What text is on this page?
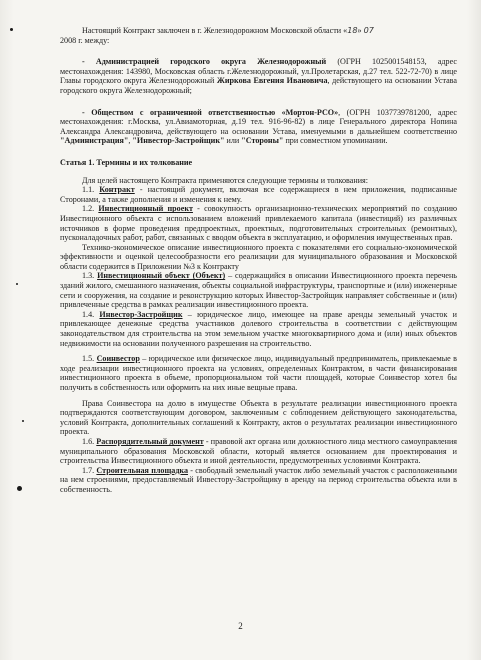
Настоящий Контракт заключен в г. Железнодорожном Московской области «18» 07
2008 г. между:

- Администрацией городского округа Железнодорожный (ОГРН 1025001548153, адрес местонахождения: 143980, Московская область г.Железнодорожный, ул.Пролетарская, д.27 тел. 522-72-70) в лице Главы городского округа Железнодорожный Жиркова Евгения Ивановича, действующего на основании Устава городского округа Железнодорожный;

- Обществом с ограниченной ответственностью «Мортон-РСО», (ОГРН 1037739781200, адрес местонахождения: г.Москва, ул.Авиамоторная, д.19 тел. 916-96-82) в лице Генерального директора Нопина Александра Александровича, действующего на основании Устава, именуемыми в дальнейшем соответственно "Администрация", "Инвестор-Застройщик" или "Стороны" при совместном упоминании.

Статья 1. Термины и их толкование

Для целей настоящего Контракта применяются следующие термины и толкования:

1.1. Контракт - настоящий документ, включая все содержащиеся в нем приложения, подписанные Сторонами, а также дополнения и изменения к нему.

1.2. Инвестиционный проект - совокупность организационно-технических мероприятий по созданию Инвестиционного объекта с использованием вложений привлекаемого капитала (инвестиций) из различных источников в форме проведения предпроектных, проектных, подготовительных строительных (ремонтных), пусконаладочных работ, работ, связанных с вводом объекта в эксплуатацию, и оформления имущественных прав.

Технико-экономическое описание инвестиционного проекта с показателями его социально-экономической эффективности и оценкой целесообразности его реализации для муниципального образования и Московской области содержится в Приложении №3 к Контракту

1.3. Инвестиционный объект (Объект) – содержащийся в описании Инвестиционного проекта перечень зданий жилого, смешанного назначения, объекты социальной инфраструктуры, транспортные и (или) инженерные сети и сооружения, на создание и реконструкцию которых Инвестор-Застройщик направляет собственные и (или) привлеченные средства в рамках реализации инвестиционного проекта.

1.4. Инвестор-Застройщик – юридическое лицо, имеющее на праве аренды земельный участок и привлекающее денежные средства участников долевого строительства в соответствии с действующим законодательством для строительства на этом земельном участке многоквартирного дома и (или) иных объектов недвижимости на основании полученного разрешения на строительство.

1.5. Соинвестор – юридическое или физическое лицо, индивидуальный предприниматель, привлекаемые в ходе реализации инвестиционного проекта на условиях, определенных Контрактом, в части финансирования инвестиционного проекта в объеме, пропорциональном той части площадей, которые Соинвестор хотел бы получить в собственность или оформить на них иные вещные права.

Права Соинвестора на долю в имуществе Объекта в результате реализации инвестиционного проекта подтверждаются соответствующим договором, заключенным с соблюдением действующего законодательства, условий Контракта, дополнительных соглашений к Контракту, актов о результатах реализации инвестиционного проекта.

1.6. Распорядительный документ - правовой акт органа или должностного лица местного самоуправления муниципального образования Московской области, который является основанием для проектирования и строительства Инвестиционного объекта и иной деятельности, предусмотренных условиями Контракта.

1.7. Строительная площадка - свободный земельный участок либо земельный участок с расположенными на нем строениями, предоставляемый Инвестору-Застройщику в аренду на период строительства объекта или в собственность.

2
